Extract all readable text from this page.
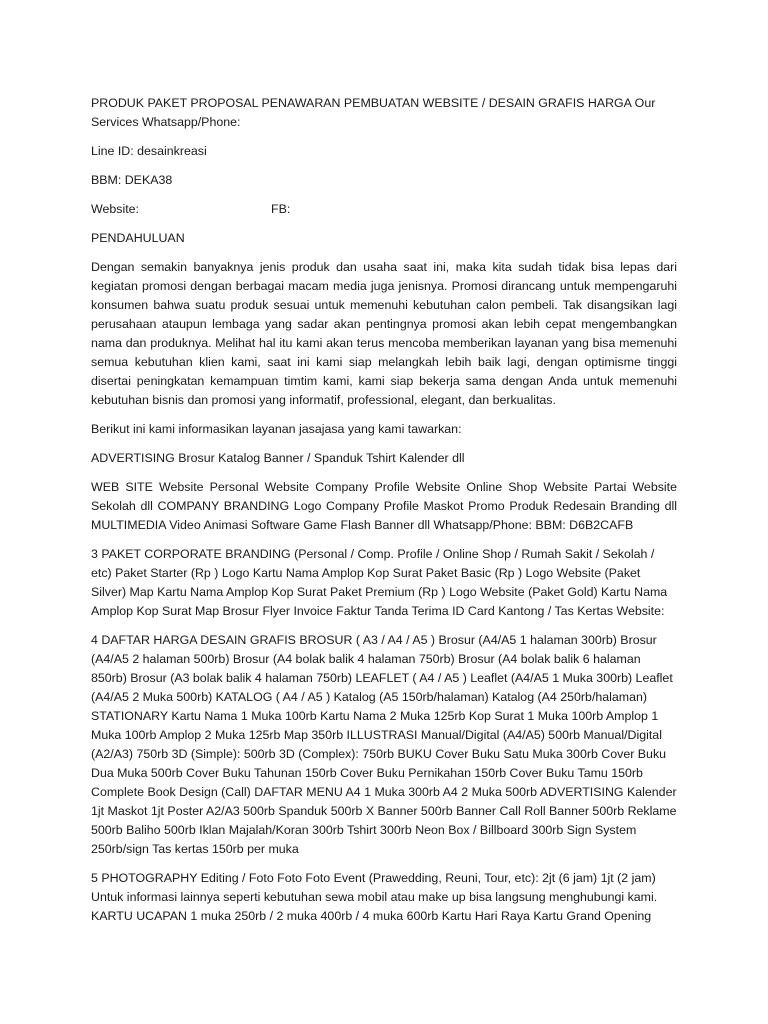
PRODUK PAKET PROPOSAL PENAWARAN PEMBUATAN WEBSITE / DESAIN GRAFIS HARGA Our Services Whatsapp/Phone:

Line ID: desainkreasi

BBM: DEKA38

Website:	FB:

PENDAHULUAN

Dengan semakin banyaknya jenis produk dan usaha saat ini, maka kita sudah tidak bisa lepas dari kegiatan promosi dengan berbagai macam media juga jenisnya. Promosi dirancang untuk mempengaruhi konsumen bahwa suatu produk sesuai untuk memenuhi kebutuhan calon pembeli. Tak disangsikan lagi perusahaan ataupun lembaga yang sadar akan pentingnya promosi akan lebih cepat mengembangkan nama dan produknya. Melihat hal itu kami akan terus mencoba memberikan layanan yang bisa memenuhi semua kebutuhan klien kami, saat ini kami siap melangkah lebih baik lagi, dengan optimisme tinggi disertai peningkatan kemampuan timtim kami, kami siap bekerja sama dengan Anda untuk memenuhi kebutuhan bisnis dan promosi yang informatif, professional, elegant, dan berkualitas.

Berikut ini kami informasikan layanan jasajasa yang kami tawarkan:

ADVERTISING Brosur Katalog Banner / Spanduk Tshirt Kalender dll

WEB SITE Website Personal Website Company Profile Website Online Shop Website Partai Website Sekolah dll COMPANY BRANDING Logo Company Profile Maskot Promo Produk Redesain Branding dll MULTIMEDIA Video Animasi Software Game Flash Banner dll Whatsapp/Phone: BBM: D6B2CAFB

3 PAKET CORPORATE BRANDING (Personal / Comp. Profile / Online Shop / Rumah Sakit / Sekolah / etc) Paket Starter (Rp ) Logo Kartu Nama Amplop Kop Surat Paket Basic (Rp ) Logo Website (Paket Silver) Map Kartu Nama Amplop Kop Surat Paket Premium (Rp ) Logo Website (Paket Gold) Kartu Nama Amplop Kop Surat Map Brosur Flyer Invoice Faktur Tanda Terima ID Card Kantong / Tas Kertas Website:

4 DAFTAR HARGA DESAIN GRAFIS BROSUR ( A3 / A4 / A5 ) Brosur (A4/A5 1 halaman 300rb) Brosur (A4/A5 2 halaman 500rb) Brosur (A4 bolak balik 4 halaman 750rb) Brosur (A4 bolak balik 6 halaman 850rb) Brosur (A3 bolak balik 4 halaman 750rb) LEAFLET ( A4 / A5 ) Leaflet (A4/A5 1 Muka 300rb) Leaflet (A4/A5 2 Muka 500rb) KATALOG ( A4 / A5 ) Katalog (A5 150rb/halaman) Katalog (A4 250rb/halaman) STATIONARY Kartu Nama 1 Muka 100rb Kartu Nama 2 Muka 125rb Kop Surat 1 Muka 100rb Amplop 1 Muka 100rb Amplop 2 Muka 125rb Map 350rb ILLUSTRASI Manual/Digital (A4/A5) 500rb Manual/Digital (A2/A3) 750rb 3D (Simple): 500rb 3D (Complex): 750rb BUKU Cover Buku Satu Muka 300rb Cover Buku Dua Muka 500rb Cover Buku Tahunan 150rb Cover Buku Pernikahan 150rb Cover Buku Tamu 150rb Complete Book Design (Call) DAFTAR MENU A4 1 Muka 300rb A4 2 Muka 500rb ADVERTISING Kalender 1jt Maskot 1jt Poster A2/A3 500rb Spanduk 500rb X Banner 500rb Banner Call Roll Banner 500rb Reklame 500rb Baliho 500rb Iklan Majalah/Koran 300rb Tshirt 300rb Neon Box / Billboard 300rb Sign System 250rb/sign Tas kertas 150rb per muka

5 PHOTOGRAPHY Editing / Foto Foto Foto Event (Prawedding, Reuni, Tour, etc): 2jt (6 jam) 1jt (2 jam) Untuk informasi lainnya seperti kebutuhan sewa mobil atau make up bisa langsung menghubungi kami. KARTU UCAPAN 1 muka 250rb / 2 muka 400rb / 4 muka 600rb Kartu Hari Raya Kartu Grand Opening
